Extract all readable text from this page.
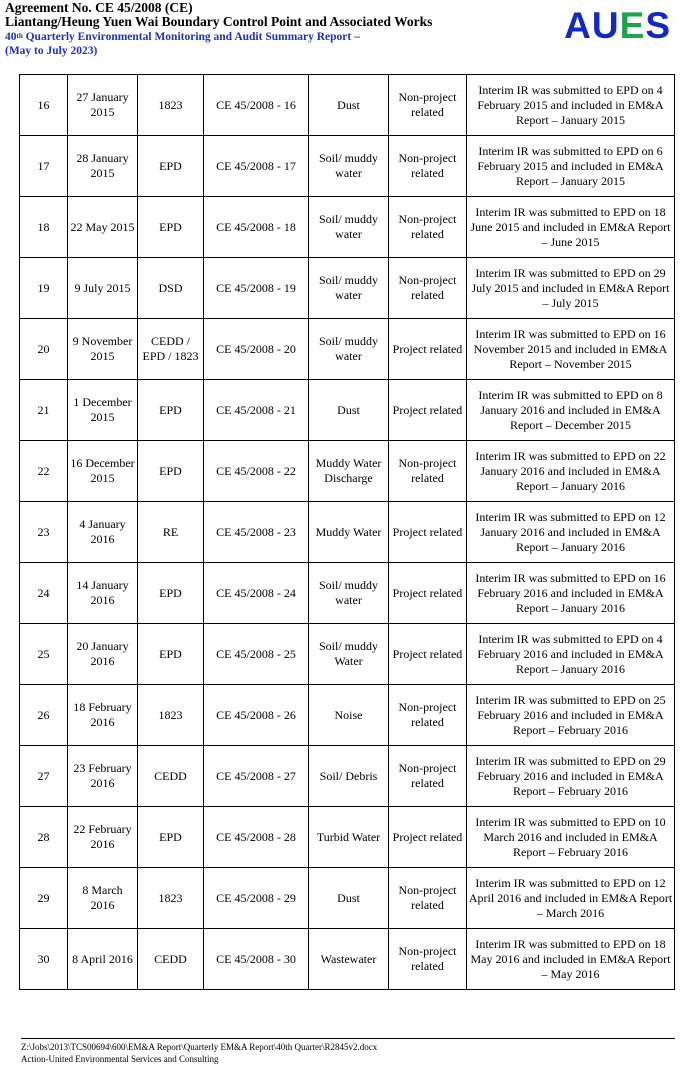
Agreement No. CE 45/2008 (CE)
Liantang/Heung Yuen Wai Boundary Control Point and Associated Works
40th Quarterly Environmental Monitoring and Audit Summary Report –
(May to July 2023)
AUES
16	27 January 2015	1823	CE 45/2008 - 16	Dust	Non-project related	Interim IR was submitted to EPD on 4 February 2015 and included in EM&A Report – January 2015
17	28 January 2015	EPD	CE 45/2008 - 17	Soil/ muddy water	Non-project related	Interim IR was submitted to EPD on 6 February 2015 and included in EM&A Report – January 2015
18	22 May 2015	EPD	CE 45/2008 - 18	Soil/ muddy water	Non-project related	Interim IR was submitted to EPD on 18 June 2015 and included in EM&A Report – June 2015
19	9 July 2015	DSD	CE 45/2008 - 19	Soil/ muddy water	Non-project related	Interim IR was submitted to EPD on 29 July 2015 and included in EM&A Report – July 2015
20	9 November 2015	CEDD / EPD / 1823	CE 45/2008 - 20	Soil/ muddy water	Project related	Interim IR was submitted to EPD on 16 November 2015 and included in EM&A Report – November 2015
21	1 December 2015	EPD	CE 45/2008 - 21	Dust	Project related	Interim IR was submitted to EPD on 8 January 2016 and included in EM&A Report – December 2015
22	16 December 2015	EPD	CE 45/2008 - 22	Muddy Water Discharge	Non-project related	Interim IR was submitted to EPD on 22 January 2016 and included in EM&A Report – January 2016
23	4 January 2016	RE	CE 45/2008 - 23	Muddy Water	Project related	Interim IR was submitted to EPD on 12 January 2016 and included in EM&A Report – January 2016
24	14 January 2016	EPD	CE 45/2008 - 24	Soil/ muddy water	Project related	Interim IR was submitted to EPD on 16 February 2016 and included in EM&A Report – January 2016
25	20 January 2016	EPD	CE 45/2008 - 25	Soil/ muddy Water	Project related	Interim IR was submitted to EPD on 4 February 2016 and included in EM&A Report – January 2016
26	18 February 2016	1823	CE 45/2008 - 26	Noise	Non-project related	Interim IR was submitted to EPD on 25 February 2016 and included in EM&A Report – February 2016
27	23 February 2016	CEDD	CE 45/2008 - 27	Soil/ Debris	Non-project related	Interim IR was submitted to EPD on 29 February 2016 and included in EM&A Report – February 2016
28	22 February 2016	EPD	CE 45/2008 - 28	Turbid Water	Project related	Interim IR was submitted to EPD on 10 March 2016 and included in EM&A Report – February 2016
29	8 March 2016	1823	CE 45/2008 - 29	Dust	Non-project related	Interim IR was submitted to EPD on 12 April 2016 and included in EM&A Report – March 2016
30	8 April 2016	CEDD	CE 45/2008 - 30	Wastewater	Non-project related	Interim IR was submitted to EPD on 18 May 2016 and included in EM&A Report – May 2016
Z:\Jobs\2013\TCS00694\600\EM&A Report\Quarterly EM&A Report\40th Quarter\R2845v2.docx
Action-United Environmental Services and Consulting
